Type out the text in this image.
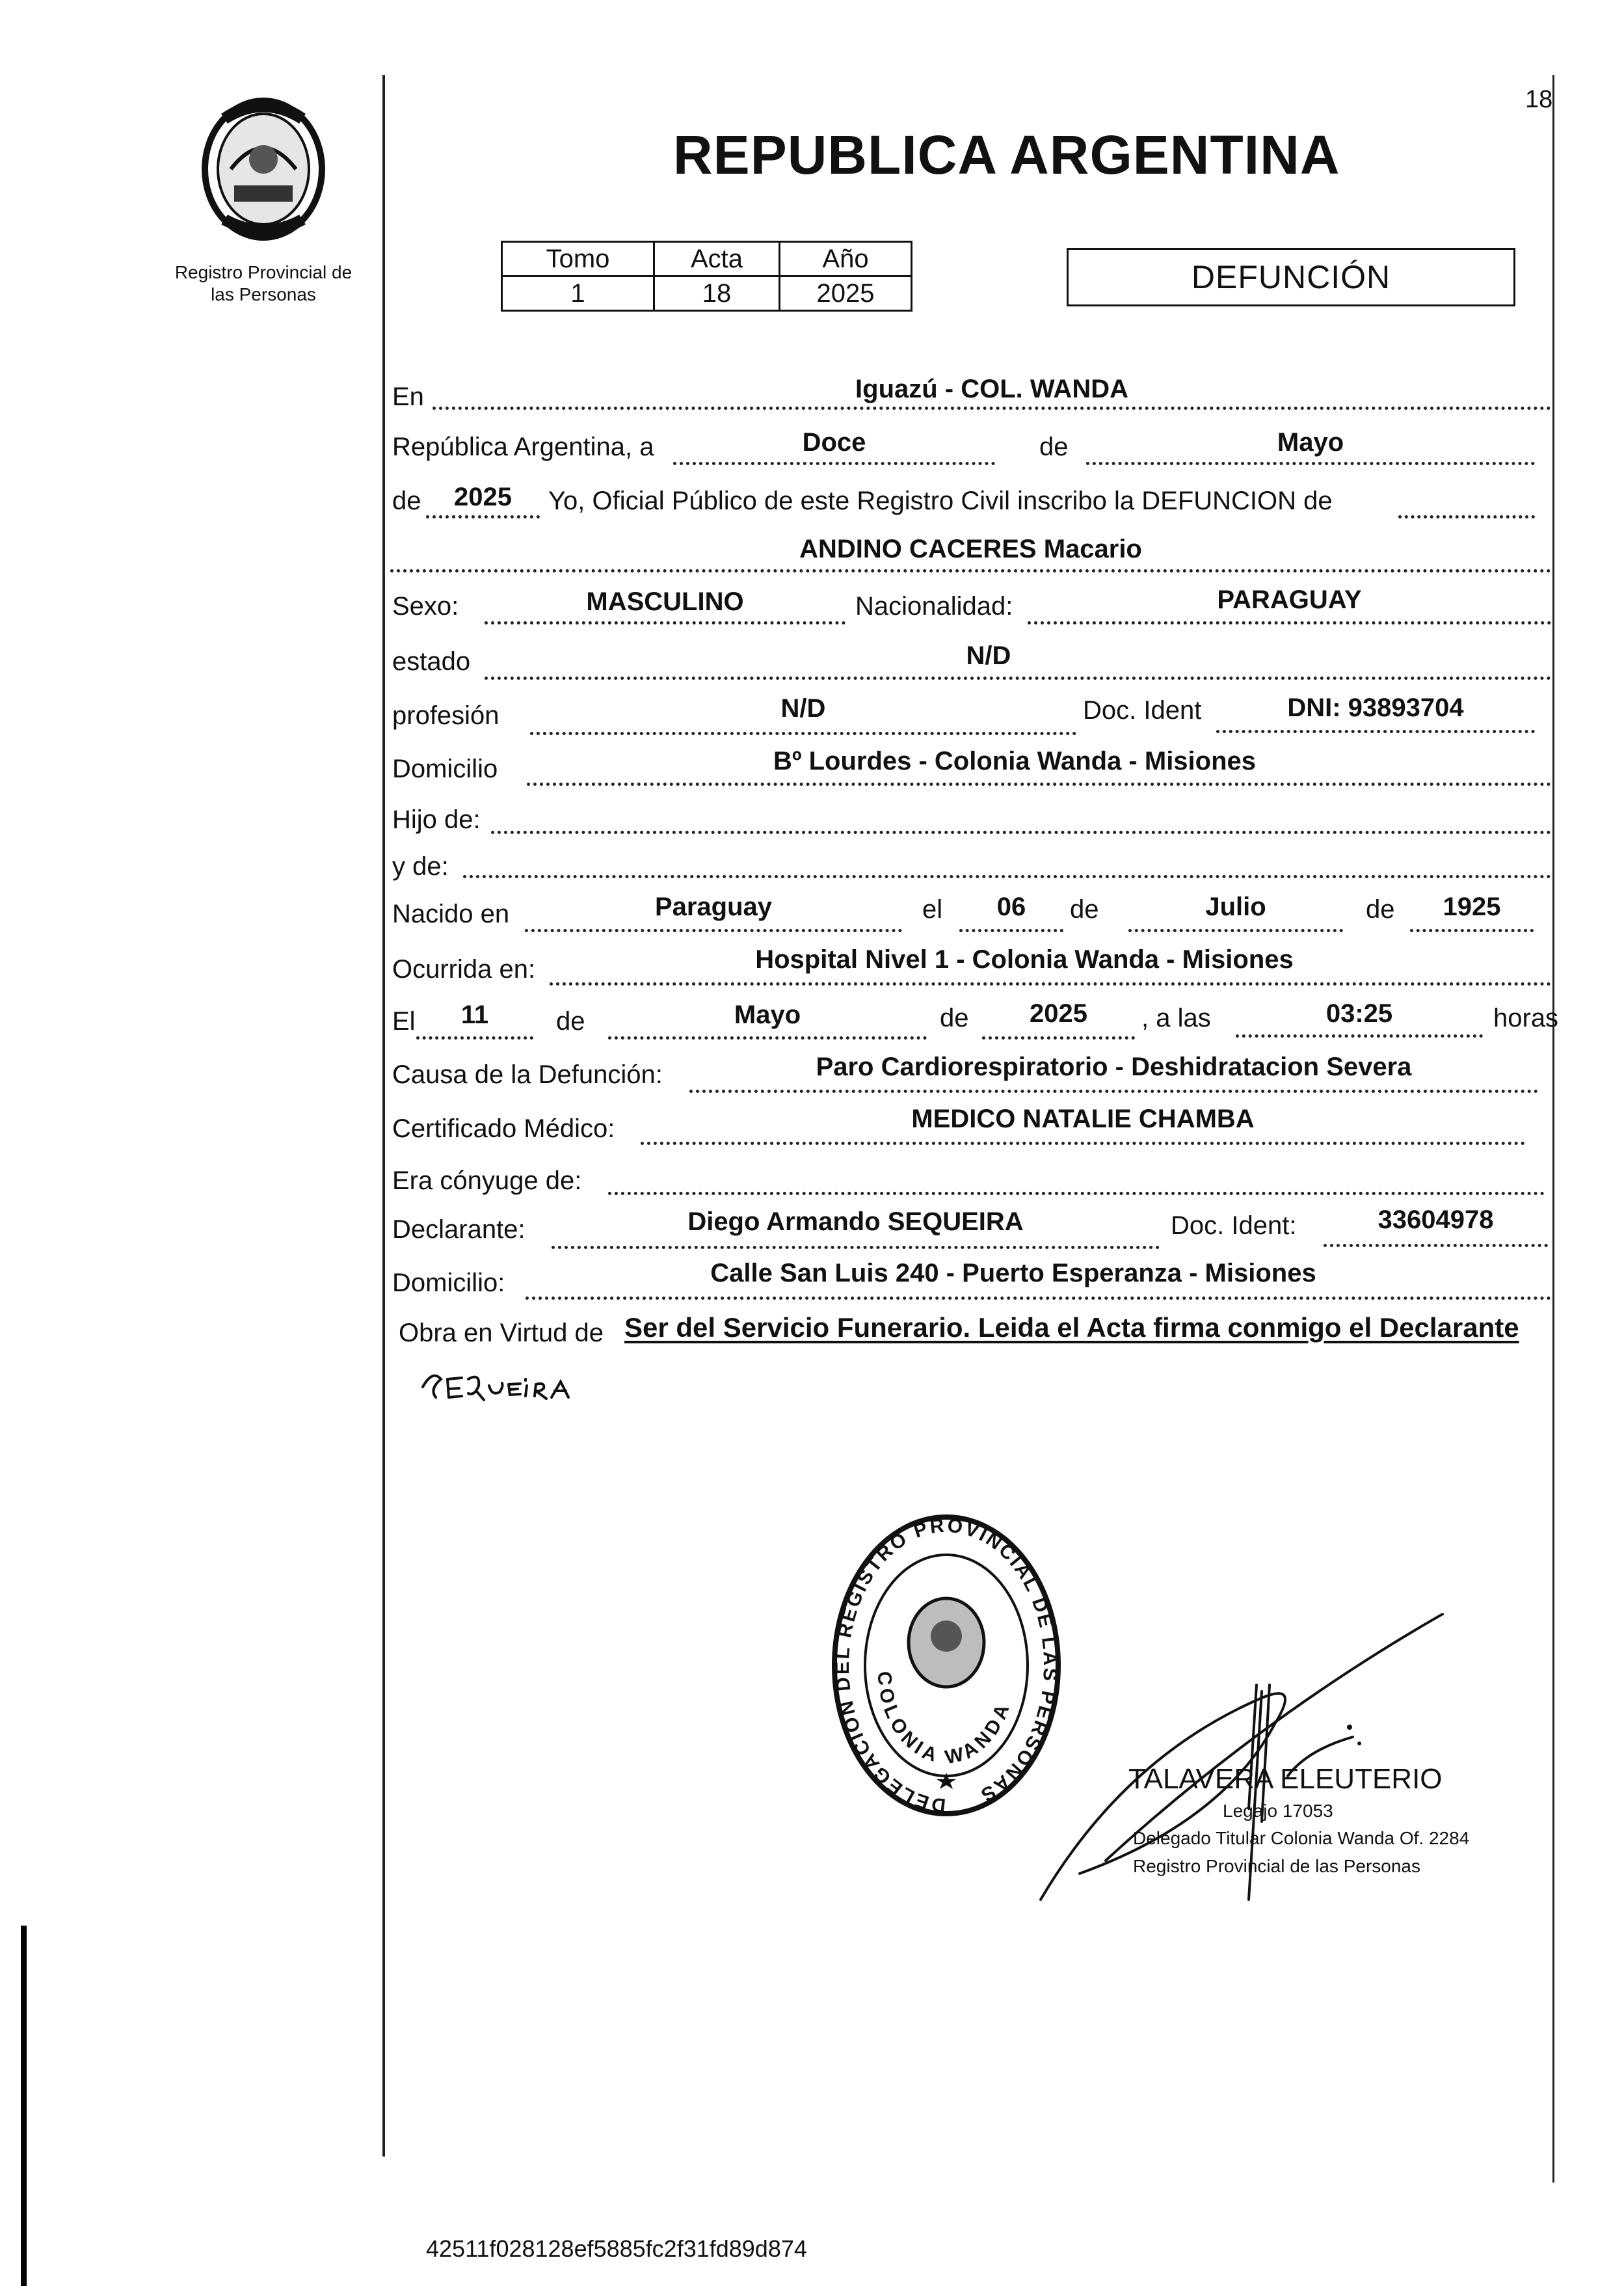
Registro Provincial de
las Personas
18
REPUBLICA ARGENTINA
Tomo	Acta	Año
1	18	2025	DEFUNCIÓN
En	Iguazú - COL. WANDA
República Argentina, a	Doce	de	Mayo
de	2025	Yo, Oficial Público de este Registro Civil inscribo la DEFUNCION de
ANDINO CACERES Macario
Sexo:	MASCULINO	Nacionalidad:	PARAGUAY
estado	N/D
profesión	N/D	Doc. Ident	DNI: 93893704
Domicilio	Bº Lourdes - Colonia Wanda - Misiones
Hijo de:
y de:
Nacido en	Paraguay	el	06	de	Julio	de	1925
Ocurrida en:	Hospital Nivel 1 - Colonia Wanda - Misiones
El	11	de	Mayo	de	2025	, a las	03:25	horas
Causa de la Defunción:	Paro Cardiorespiratorio - Deshidratacion Severa
Certificado Médico:	MEDICO NATALIE CHAMBA
Era cónyuge de:
Declarante:	Diego Armando SEQUEIRA	Doc. Ident:	33604978
Domicilio:	Calle San Luis 240 - Puerto Esperanza - Misiones
Obra en Virtud de Ser del Servicio Funerario. Leida el Acta firma conmigo el Declarante
DELEGACION DEL REGISTRO PROVINCIAL DE LAS PERSONAS
COLONIA WANDA
TALAVERA ELEUTERIO
Legajo 17053
Delegado Titular Colonia Wanda Of. 2284
Registro Provincial de las Personas
42511f028128ef5885fc2f31fd89d874
